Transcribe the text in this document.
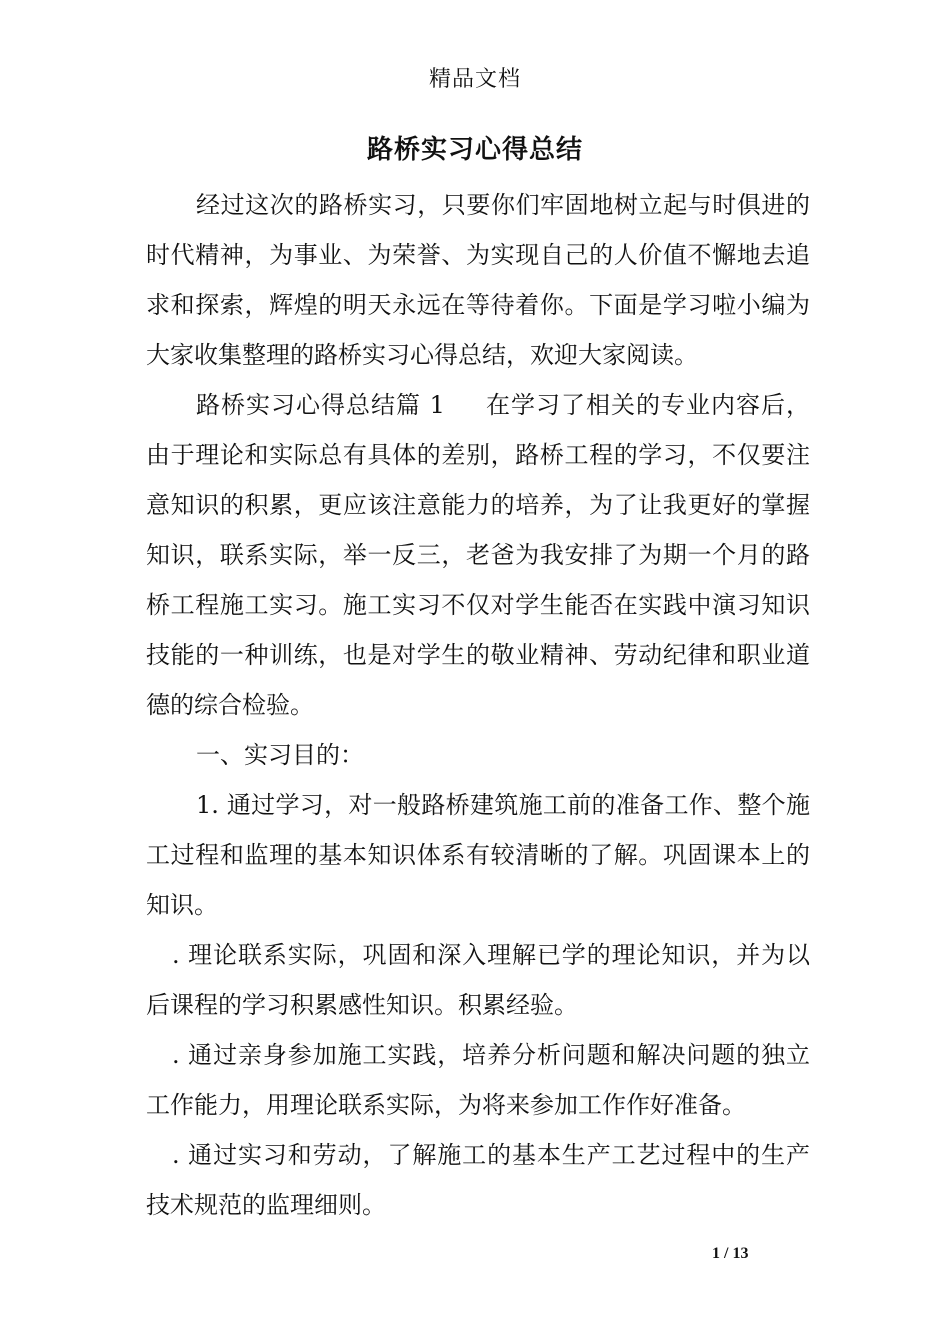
精品文档
路桥实习心得总结

经过这次的路桥实习，只要你们牢固地树立起与时俱进的时代精神，为事业、为荣誉、为实现自己的人价值不懈地去追求和探索，辉煌的明天永远在等待着你。下面是学习啦小编为大家收集整理的路桥实习心得总结，欢迎大家阅读。

路桥实习心得总结篇 1 在学习了相关的专业内容后，由于理论和实际总有具体的差别，路桥工程的学习，不仅要注意知识的积累，更应该注意能力的培养，为了让我更好的掌握知识，联系实际，举一反三，老爸为我安排了为期一个月的路桥工程施工实习。施工实习不仅对学生能否在实践中演习知识技能的一种训练，也是对学生的敬业精神、劳动纪律和职业道德的综合检验。

一、实习目的：

1. 通过学习，对一般路桥建筑施工前的准备工作、整个施工过程和监理的基本知识体系有较清晰的了解。巩固课本上的知识。

. 理论联系实际，巩固和深入理解已学的理论知识，并为以后课程的学习积累感性知识。积累经验。

. 通过亲身参加施工实践，培养分析问题和解决问题的独立工作能力，用理论联系实际，为将来参加工作作好准备。

. 通过实习和劳动，了解施工的基本生产工艺过程中的生产技术规范的监理细则。

1 / 13
